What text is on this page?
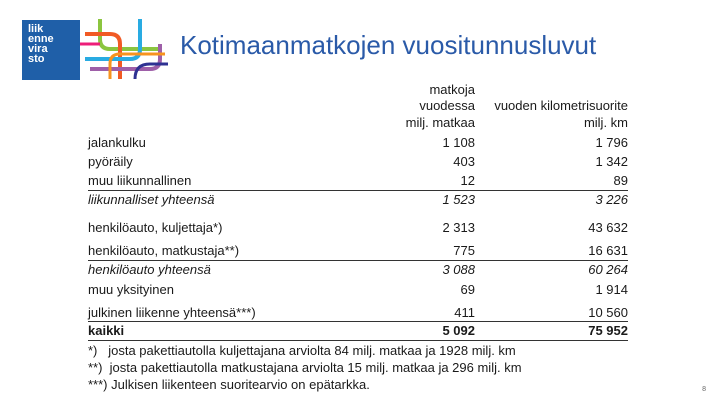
liik
enne
vira
sto	Kotimaanmatkojen vuositunnusluvut
matkoja
vuodessa
milj. matkaa
vuoden kilometrisuorite
milj. km
jalankulku	1 108	1 796
pyöräily	403	1 342
muu liikunnallinen	12	89
liikunnalliset yhteensä	1 523	3 226
henkilöauto, kuljettaja*)	2 313	43 632
henkilöauto, matkustaja**)	775	16 631
henkilöauto yhteensä	3 088	60 264
muu yksityinen	69	1 914
julkinen liikenne yhteensä***)	411	10 560
kaikki	5 092	75 952
*)   josta pakettiautolla kuljettajana arviolta 84 milj. matkaa ja 1928 milj. km
**)  josta pakettiautolla matkustajana arviolta 15 milj. matkaa ja 296 milj. km
***) Julkisen liikenteen suoritearvio on epätarkka.	8
